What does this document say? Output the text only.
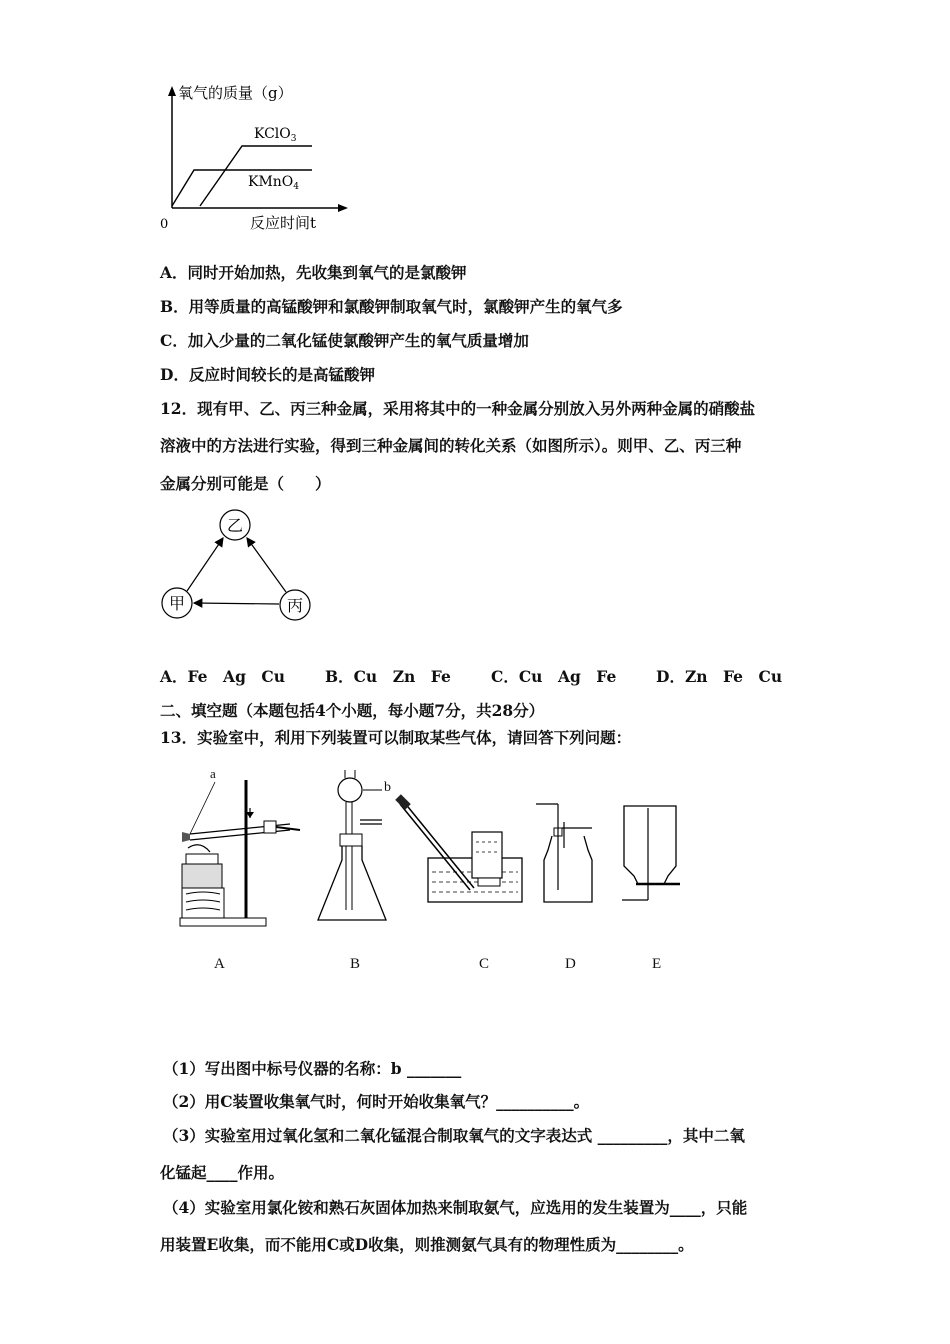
氧气的质量（g）
0	反应时间t
KClO$_3$
KMnO$_4$
A．同时开始加热，先收集到氧气的是氯酸钾
B．用等质量的高锰酸钾和氯酸钾制取氧气时，氯酸钾产生的氧气多
C．加入少量的二氧化锰使氯酸钾产生的氧气质量增加
D．反应时间较长的是高锰酸钾
12．现有甲、乙、丙三种金属，采用将其中的一种金属分别放入另外两种金属的硝酸盐
溶液中的方法进行实验，得到三种金属间的转化关系（如图所示）。则甲、乙、丙三种
金属分别可能是（　　）
乙
甲	丙
A．Fe　Ag　Cu	B．Cu　Zn　Fe	C．Cu　Ag　Fe	D．Zn　Fe　Cu
二、填空题（本题包括4个小题，每小题7分，共28分）
13．实验室中，利用下列装置可以制取某些气体，请回答下列问题：
a
b
A	B	C	D	E
（1）写出图中标号仪器的名称：b _______
（2）用C装置收集氧气时，何时开始收集氧气？__________。
（3）实验室用过氧化氢和二氧化锰混合制取氧气的文字表达式 _________，其中二氧
化锰起____作用。
（4）实验室用氯化铵和熟石灰固体加热来制取氨气，应选用的发生装置为____，只能
用装置E收集，而不能用C或D收集，则推测氨气具有的物理性质为________。
